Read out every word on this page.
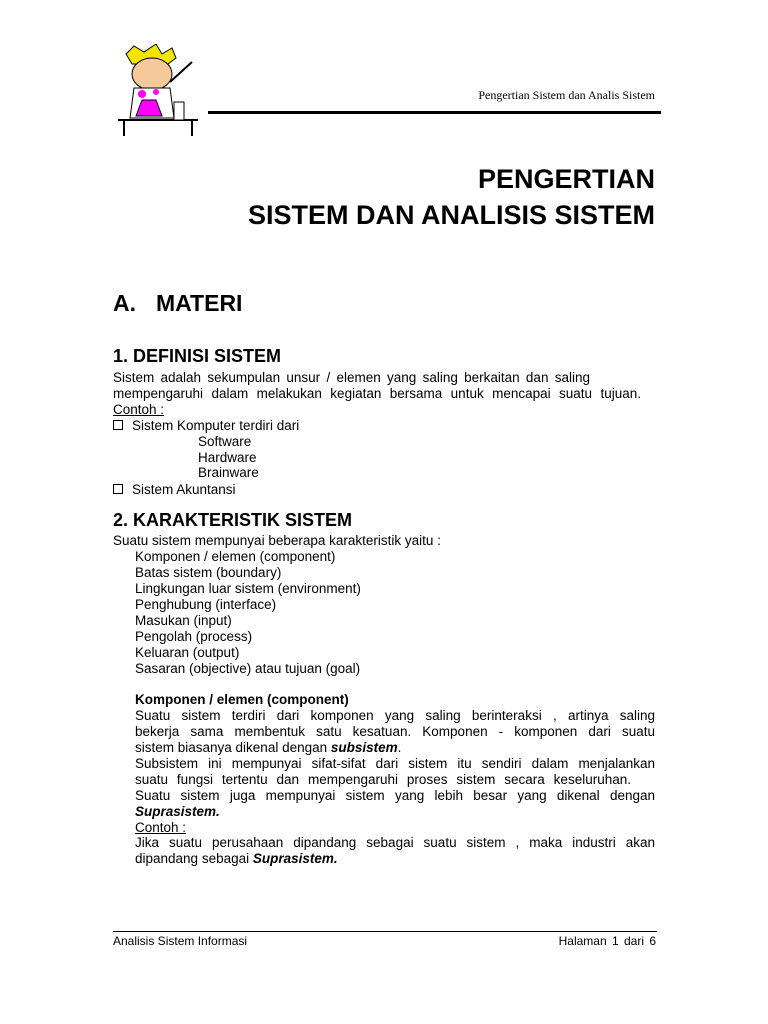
Pengertian Sistem dan Analis Sistem
PENGERTIAN
SISTEM DAN ANALISIS SISTEM
A. MATERI
1. DEFINISI SISTEM
Sistem adalah sekumpulan unsur / elemen yang saling berkaitan dan saling
mempengaruhi dalam melakukan kegiatan bersama untuk mencapai suatu tujuan.
Contoh :
Sistem Komputer terdiri dari
Software
Hardware
Brainware
Sistem Akuntansi
2. KARAKTERISTIK SISTEM
Suatu sistem mempunyai beberapa karakteristik yaitu :
Komponen / elemen (component)
Batas sistem (boundary)
Lingkungan luar sistem (environment)
Penghubung (interface)
Masukan (input)
Pengolah (process)
Keluaran (output)
Sasaran (objective) atau tujuan (goal)
Komponen / elemen (component)
Suatu sistem terdiri dari komponen yang saling berinteraksi , artinya saling
bekerja sama membentuk satu kesatuan. Komponen - komponen dari suatu
sistem biasanya dikenal dengan subsistem.
Subsistem ini mempunyai sifat-sifat dari sistem itu sendiri dalam menjalankan
suatu fungsi tertentu dan mempengaruhi proses sistem secara keseluruhan.
Suatu sistem juga mempunyai sistem yang lebih besar yang dikenal dengan
Suprasistem.
Contoh :
Jika suatu perusahaan dipandang sebagai suatu sistem , maka industri akan
dipandang sebagai Suprasistem.
Analisis Sistem Informasi	Halaman 1 dari 6
